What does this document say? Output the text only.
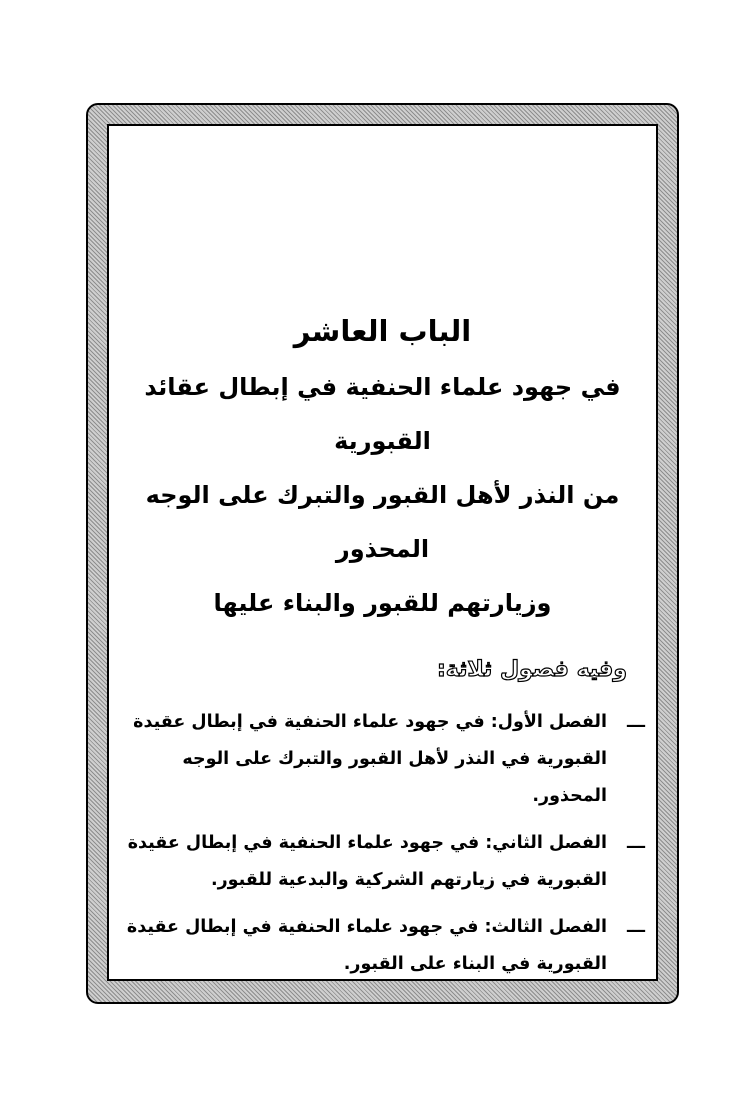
الباب العاشر
في جهود علماء الحنفية في إبطال عقائد القبورية
من النذر لأهل القبور والتبرك على الوجه المحذور
وزيارتهم للقبور والبناء عليها
وفيه فصول ثلاثة:
ـــ
الفصل الأول: في جهود علماء الحنفية في إبطال عقيدة القبورية في النذر لأهل القبور والتبرك على الوجه المحذور.
ـــ
الفصل الثاني: في جهود علماء الحنفية في إبطال عقيدة القبورية في زيارتهم الشركية والبدعية للقبور.
ـــ
الفصل الثالث: في جهود علماء الحنفية في إبطال عقيدة القبورية في البناء على القبور.
